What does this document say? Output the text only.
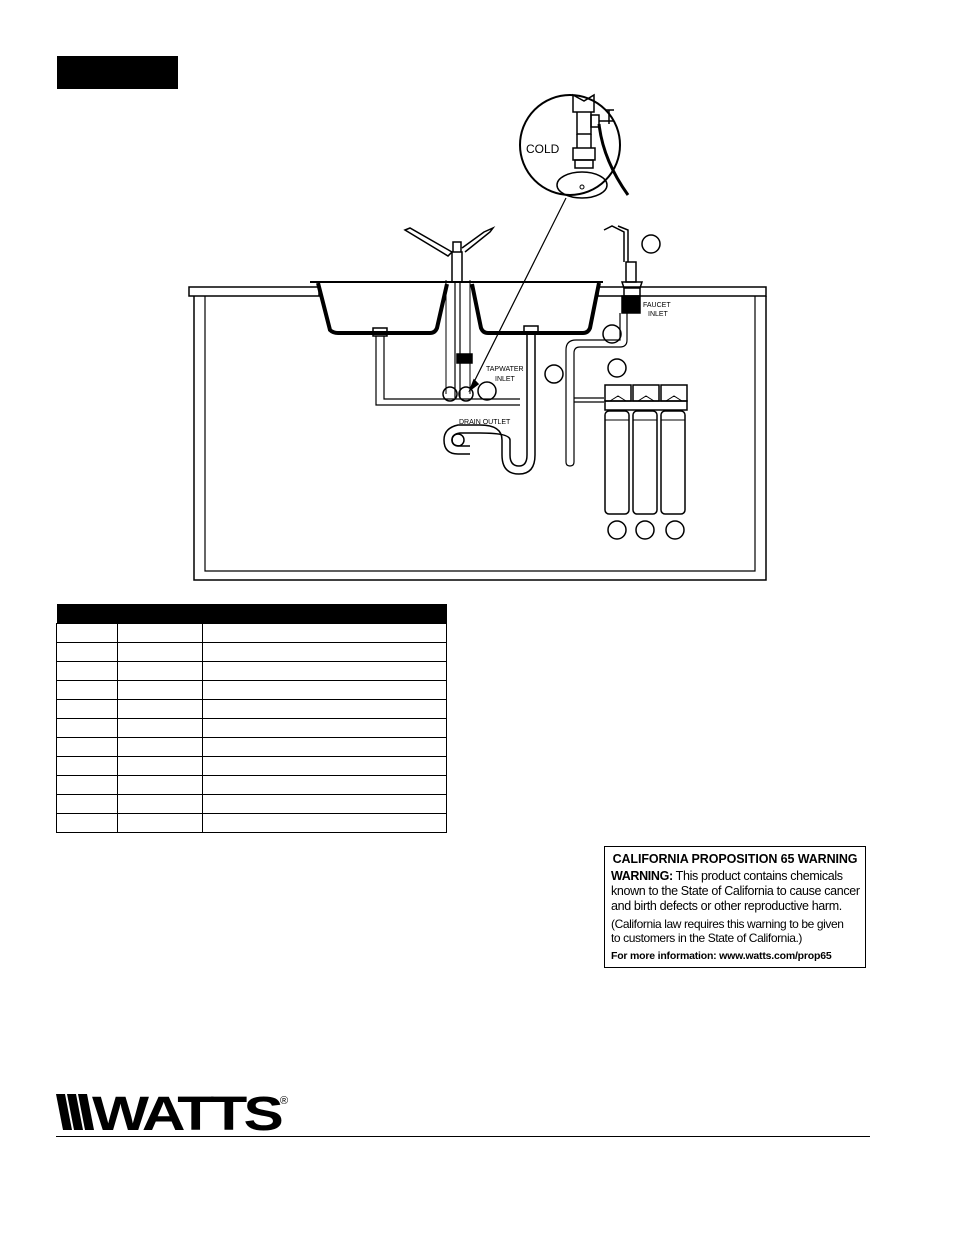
COLD
FAUCET
INLET
TAPWATER
INLET
DRAIN OUTLET

CALIFORNIA PROPOSITION 65 WARNING

WARNING: This product contains chemicals
known to the State of California to cause cancer
and birth defects or other reproductive harm.

(California law requires this warning to be given
to customers in the State of California.)

For more information: www.watts.com/prop65
WATTS
®
